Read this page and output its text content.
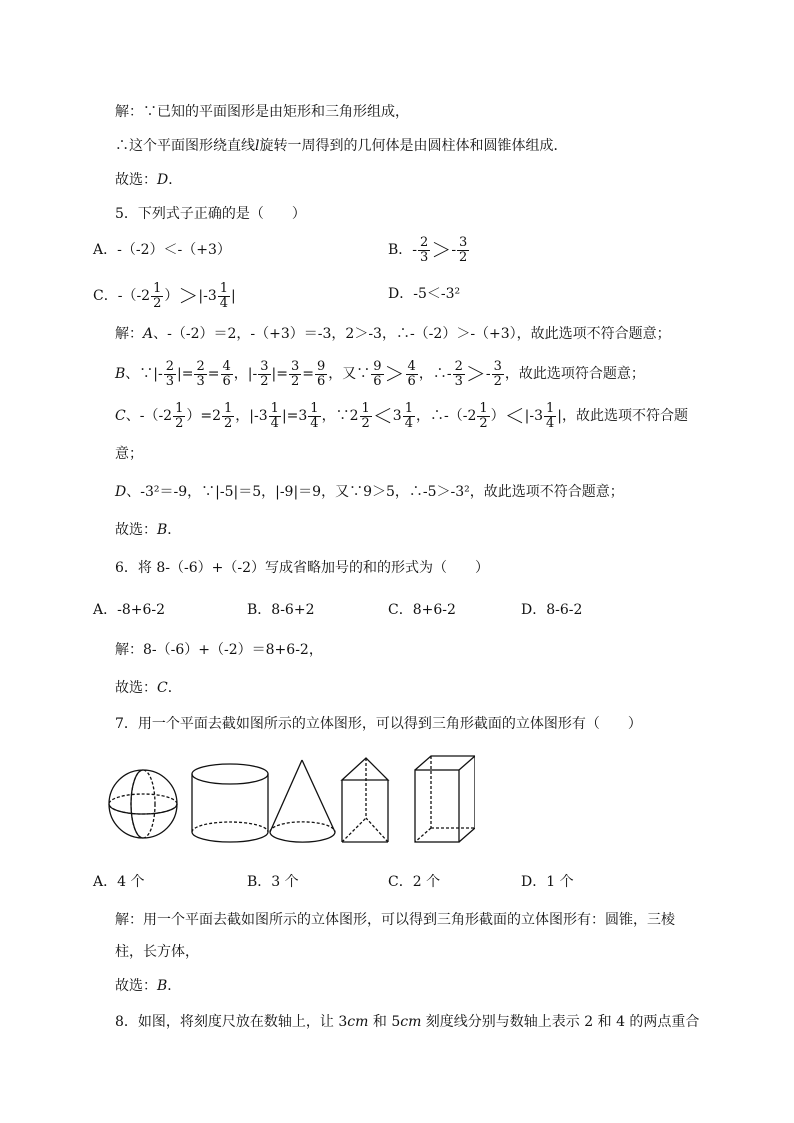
解：∵已知的平面图形是由矩形和三角形组成，
∴这个平面图形绕直线l旋转一周得到的几何体是由圆柱体和圆锥体组成．
故选：D．
5．下列式子正确的是（　　）
A．-（-2）＜-（+3）	B．- $\frac{2}{3} >- \frac{3}{2}$
C．$-(-2 \frac{1}{2} )>|-3 \frac{1}{4}$ |	D．-5＜-3²
解：A、-（-2）＝2，-（+3）＝-3，2＞-3，∴-（-2）＞-（+3），故此选项不符合题意；
B、∵|- $\frac{2}{3}$ |= $\frac{2}{3} = \frac{4}{6}$ ，|- $\frac{3}{2}$ |= $\frac{3}{2} = \frac{9}{6}$ ，又∵ $\frac{9}{6} > \frac{4}{6}$ ，∴- $\frac{2}{3} >- \frac{3}{2}$ ，故此选项符合题意；
C、$-(-2 \frac{1}{2} )=2 \frac{1}{2}$ ，$|-3 \frac{1}{4} |=3 \frac{1}{4}$ ，∵2 $\frac{1}{2} <3 \frac{1}{4}$ ，∴-（-2 $\frac{1}{2} )<|-3 \frac{1}{4}$ |，故此选项不符合题
意；
D、-3²＝-9，∵|-5|＝5，|-9|＝9，又∵9＞5，∴-5＞-3²，故此选项不符合题意；
故选：B．
6．将 8-（-6）+（-2）写成省略加号的和的形式为（　　）
A．-8+6-2	B．8-6+2	C．8+6-2	D．8-6-2
解：8-（-6）+（-2）＝8+6-2，
故选：C．
7．用一个平面去截如图所示的立体图形，可以得到三角形截面的立体图形有（　　）
A．4 个	B．3 个	C．2 个	D．1 个
解：用一个平面去截如图所示的立体图形，可以得到三角形截面的立体图形有：圆锥，三棱
柱，长方体，
故选：B．
8．如图，将刻度尺放在数轴上，让 3cm 和 5cm 刻度线分别与数轴上表示 2 和 4 的两点重合
